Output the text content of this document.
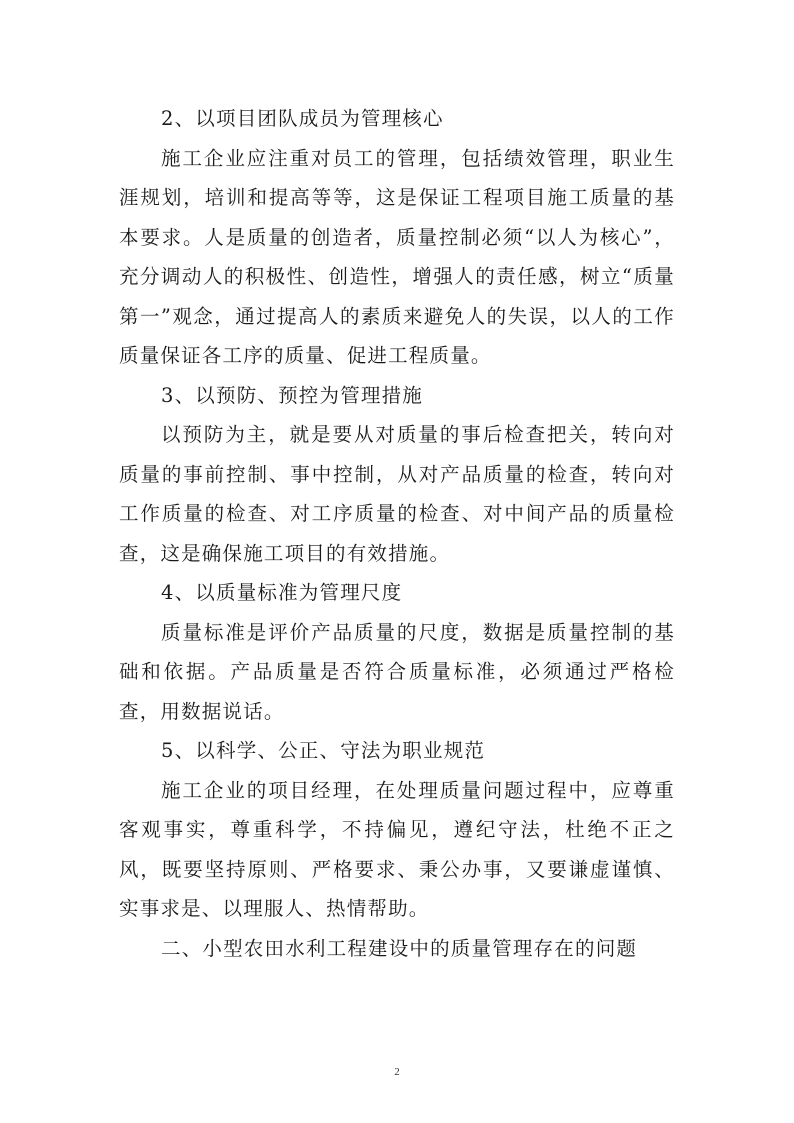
2、以项目团队成员为管理核心

施工企业应注重对员工的管理，包括绩效管理，职业生涯规划，培训和提高等等，这是保证工程项目施工质量的基本要求。人是质量的创造者，质量控制必须“以人为核心”，充分调动人的积极性、创造性，增强人的责任感，树立“质量第一”观念，通过提高人的素质来避免人的失误，以人的工作质量保证各工序的质量、促进工程质量。

3、以预防、预控为管理措施

以预防为主，就是要从对质量的事后检查把关，转向对质量的事前控制、事中控制，从对产品质量的检查，转向对工作质量的检查、对工序质量的检查、对中间产品的质量检查，这是确保施工项目的有效措施。

4、以质量标准为管理尺度

质量标准是评价产品质量的尺度，数据是质量控制的基础和依据。产品质量是否符合质量标准，必须通过严格检查，用数据说话。

5、以科学、公正、守法为职业规范

施工企业的项目经理，在处理质量问题过程中，应尊重客观事实，尊重科学，不持偏见，遵纪守法，杜绝不正之风，既要坚持原则、严格要求、秉公办事，又要谦虚谨慎、实事求是、以理服人、热情帮助。

二、小型农田水利工程建设中的质量管理存在的问题

2
